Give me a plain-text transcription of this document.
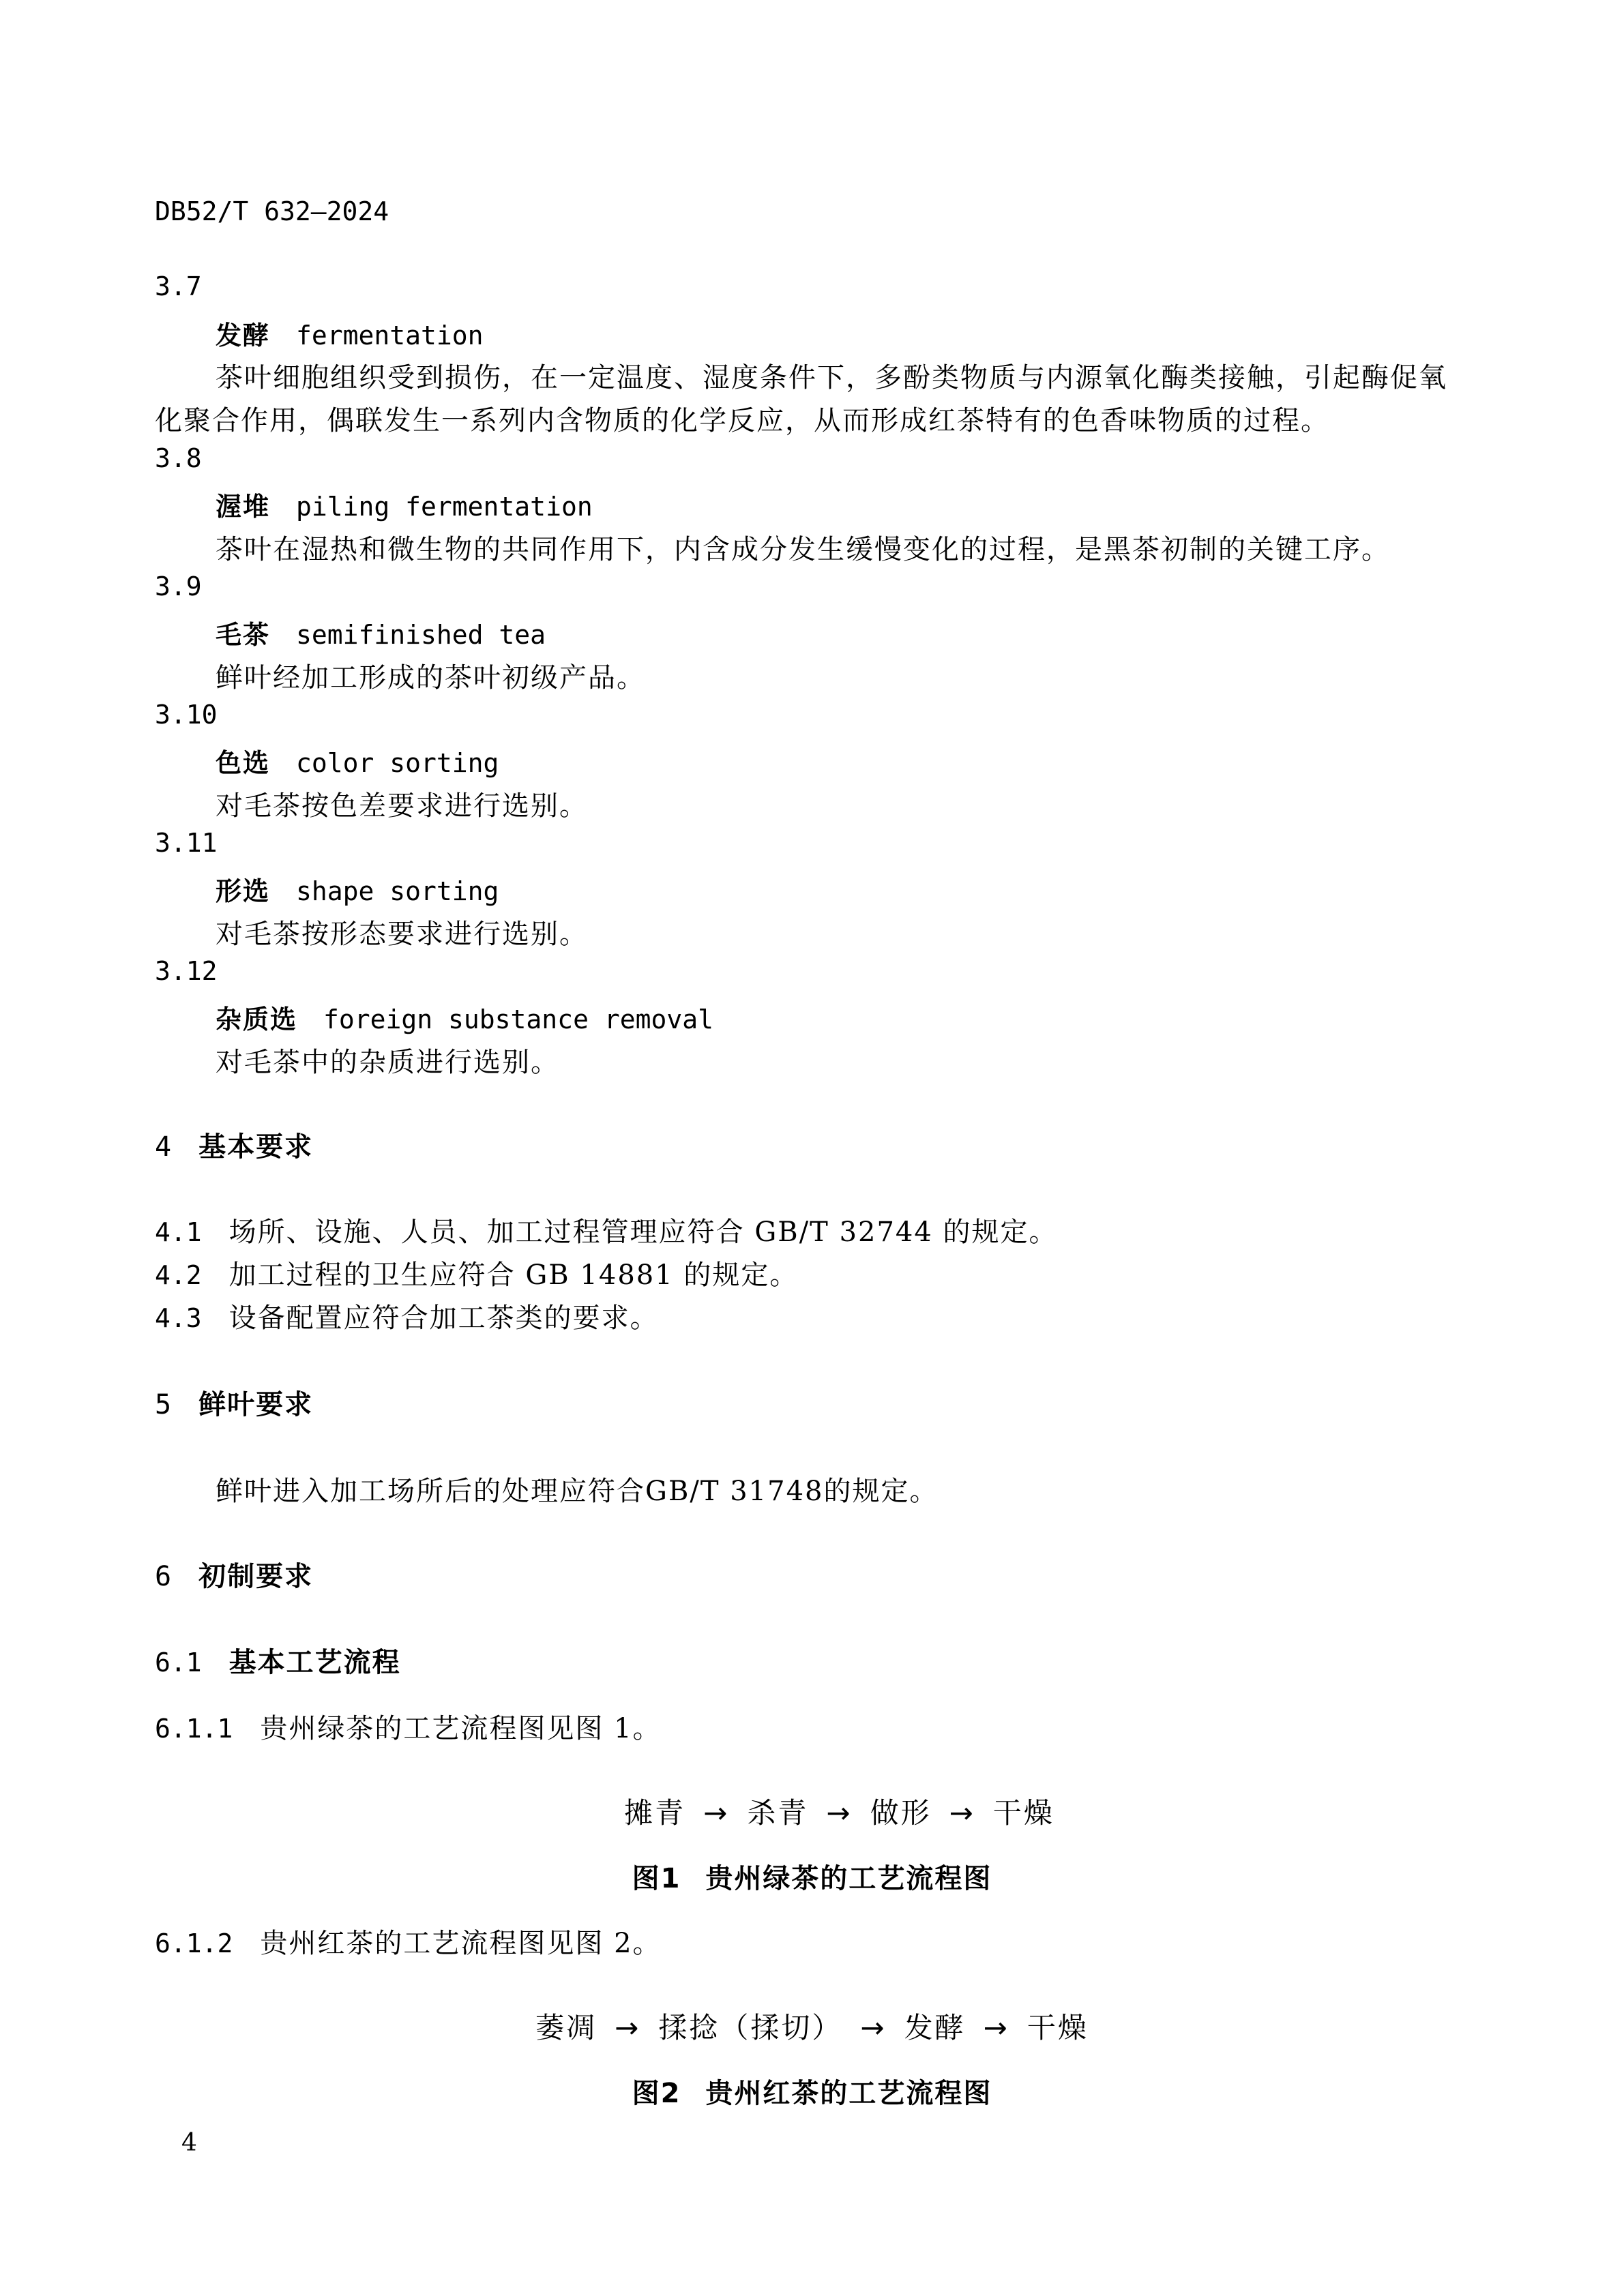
DB52/T 632—2024
3.7
发酵 fermentation
茶叶细胞组织受到损伤，在一定温度、湿度条件下，多酚类物质与内源氧化酶类接触，引起酶促氧
化聚合作用，偶联发生一系列内含物质的化学反应，从而形成红茶特有的色香味物质的过程。
3.8
渥堆 piling fermentation
茶叶在湿热和微生物的共同作用下，内含成分发生缓慢变化的过程，是黑茶初制的关键工序。
3.9
毛茶 semifinished tea
鲜叶经加工形成的茶叶初级产品。
3.10
色选 color sorting
对毛茶按色差要求进行选别。
3.11
形选 shape sorting
对毛茶按形态要求进行选别。
3.12
杂质选 foreign substance removal
对毛茶中的杂质进行选别。
4 基本要求
4.1 场所、设施、人员、加工过程管理应符合 GB/T 32744 的规定。
4.2 加工过程的卫生应符合 GB 14881 的规定。
4.3 设备配置应符合加工茶类的要求。
5 鲜叶要求
鲜叶进入加工场所后的处理应符合GB/T 31748的规定。
6 初制要求
6.1 基本工艺流程
6.1.1 贵州绿茶的工艺流程图见图 1。
摊青 → 杀青 → 做形 → 干燥
图1 贵州绿茶的工艺流程图
6.1.2 贵州红茶的工艺流程图见图 2。
萎凋 → 揉捻（揉切） → 发酵 → 干燥
图2 贵州红茶的工艺流程图
4
